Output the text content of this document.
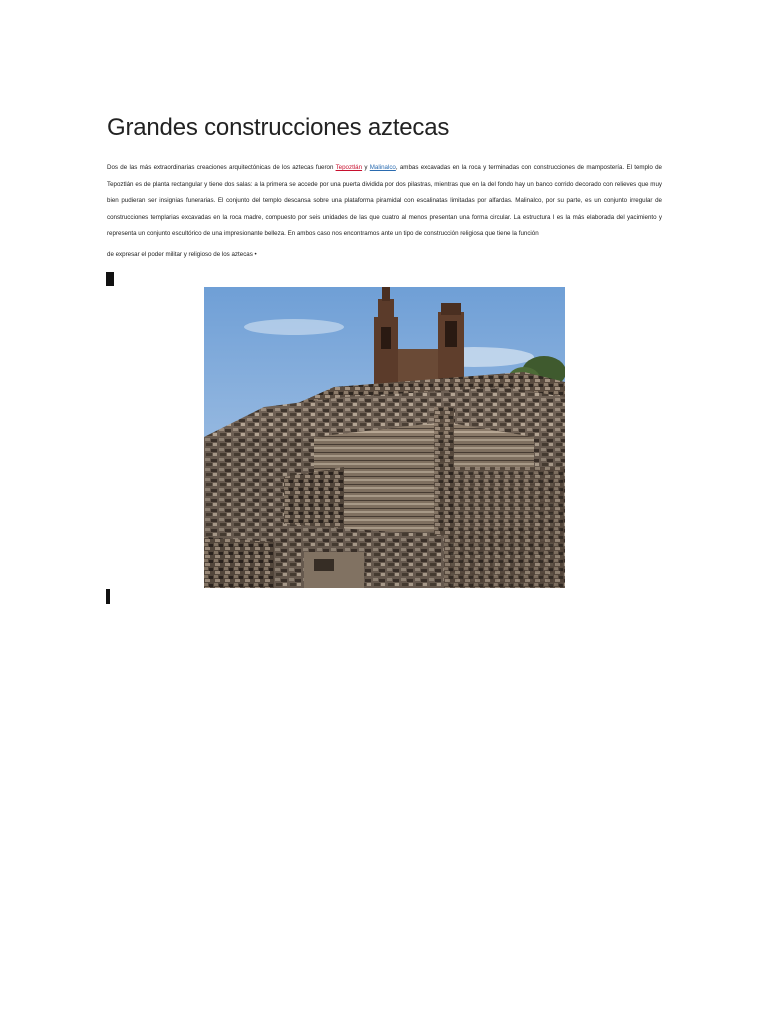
Grandes construcciones aztecas
Dos de las más extraordinarias creaciones arquitectónicas de los aztecas fueron Tepoztlán y Malinalco, ambas excavadas en la roca y terminadas con construcciones de mampostería. El templo de Tepoztlán es de planta rectangular y tiene dos salas: a la primera se accede por una puerta dividida por dos pilastras, mientras que en la del fondo hay un banco corrido decorado con relieves que muy bien pudieran ser insignias funerarias. El conjunto del templo descansa sobre una plataforma piramidal con escalinatas limitadas por alfardas. Malinalco, por su parte, es un conjunto irregular de construcciones templarias excavadas en la roca madre, compuesto por seis unidades de las que cuatro al menos presentan una forma circular. La estructura I es la más elaborada del yacimiento y representa un conjunto escultórico de una impresionante belleza. En ambos caso nos encontramos ante un tipo de construcción religiosa que tiene la función
de expresar el poder militar y religioso de los aztecas •
